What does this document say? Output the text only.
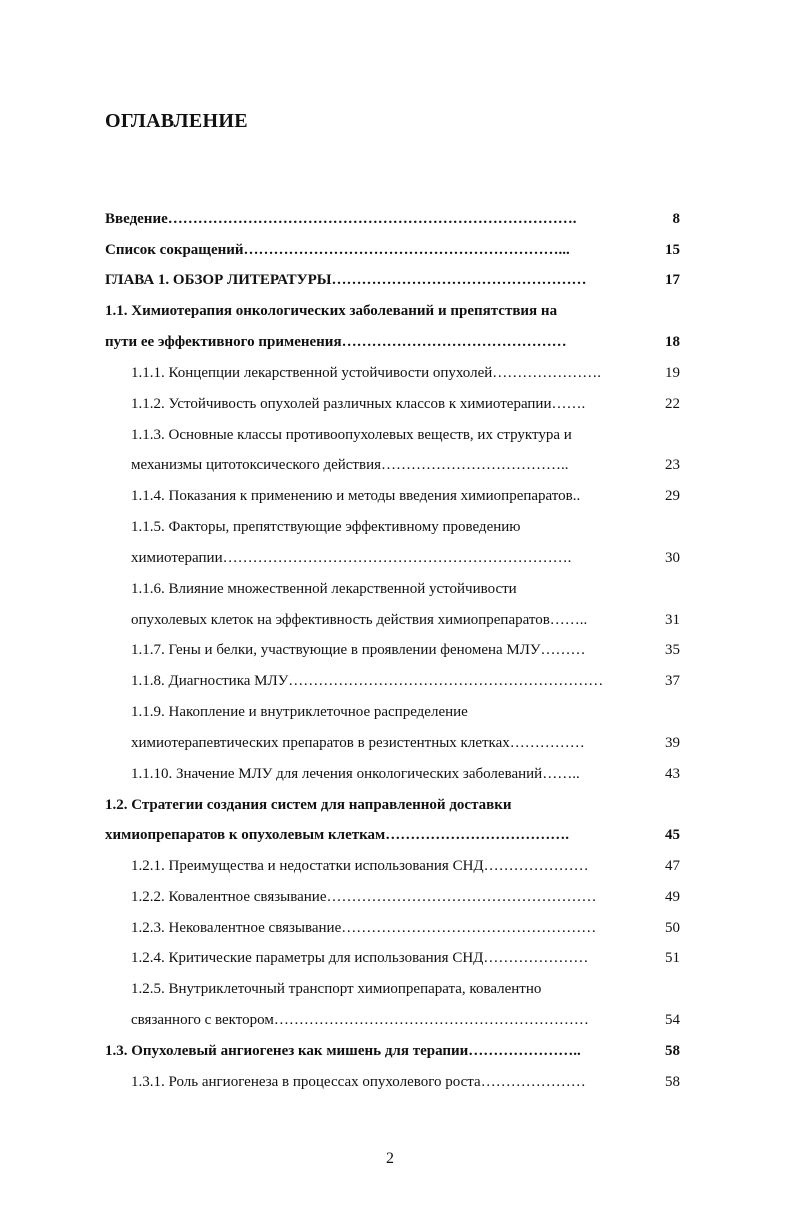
ОГЛАВЛЕНИЕ
Введение……………………………………………………………………….	8
Список сокращений………………………………………………………...	15
ГЛАВА 1. ОБЗОР ЛИТЕРАТУРЫ……………………………………………	17
1.1. Химиотерапия онкологических заболеваний и препятствия на
пути ее эффективного применения………………………………………	18
1.1.1. Концепции лекарственной устойчивости опухолей………………….	19
1.1.2. Устойчивость опухолей различных классов к химиотерапии…….	22
1.1.3. Основные классы противоопухолевых веществ, их структура и
механизмы цитотоксического действия………………………………..	23
1.1.4. Показания к применению и методы введения химиопрепаратов..	29
1.1.5. Факторы, препятствующие эффективному проведению
химиотерапии…………………………………………………………….	30
1.1.6. Влияние множественной лекарственной устойчивости
опухолевых клеток на эффективность действия химиопрепаратов……..	31
1.1.7. Гены и белки, участвующие в проявлении феномена МЛУ………	35
1.1.8. Диагностика МЛУ………………………………………………………	37
1.1.9. Накопление и внутриклеточное распределение
химиотерапевтических препаратов в резистентных клетках……………	39
1.1.10. Значение МЛУ для лечения онкологических заболеваний……..	43
1.2. Стратегии создания систем для направленной доставки
химиопрепаратов к опухолевым клеткам……………………………….	45
1.2.1. Преимущества и недостатки использования СНД…………………	47
1.2.2. Ковалентное связывание………………………………………………	49
1.2.3. Нековалентное связывание……………………………………………	50
1.2.4. Критические параметры для использования СНД…………………	51
1.2.5. Внутриклеточный транспорт химиопрепарата, ковалентно
связанного с вектором………………………………………………………	54
1.3. Опухолевый ангиогенез как мишень для терапии…………………..	58
1.3.1. Роль ангиогенеза в процессах опухолевого роста…………………	58
2
